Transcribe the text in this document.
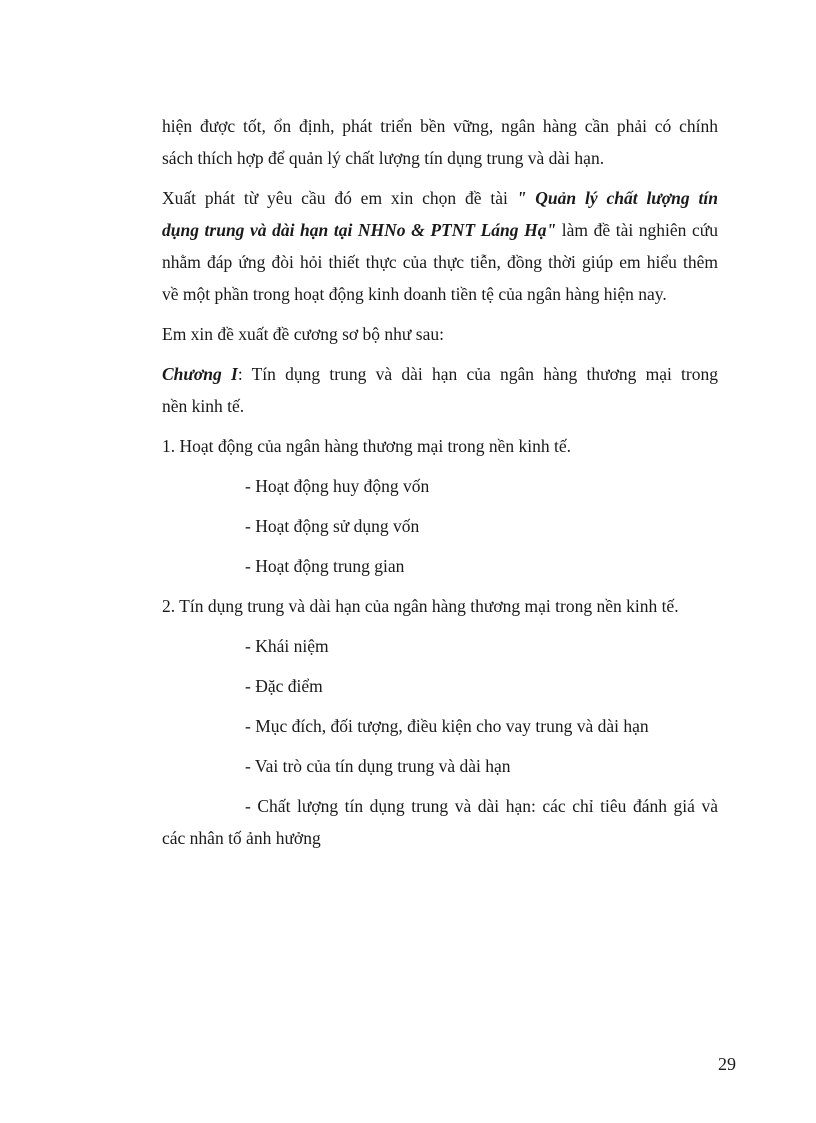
hiện được tốt, ổn định, phát triển bền vững, ngân hàng cần phải có chính
sách thích hợp để quản lý chất lượng tín dụng trung và dài hạn.
Xuất phát từ yêu cầu đó em xin chọn đề tài " Quản lý chất lượng tín
dụng trung và dài hạn tại NHNo & PTNT Láng Hạ" làm đề tài nghiên cứu
nhằm đáp ứng đòi hỏi thiết thực của thực tiễn, đồng thời giúp em hiểu thêm
về một phần trong hoạt động kinh doanh tiền tệ của ngân hàng hiện nay.
Em xin đề xuất đề cương sơ bộ như sau:
Chương I: Tín dụng trung và dài hạn của ngân hàng thương mại trong
nền kinh tế.
1. Hoạt động của ngân hàng thương mại trong nền kinh tế.
- Hoạt động huy động vốn
- Hoạt động sử dụng vốn
- Hoạt động trung gian
2. Tín dụng trung và dài hạn của ngân hàng thương mại trong nền kinh tế.
- Khái niệm
- Đặc điểm
- Mục đích, đối tượng, điều kiện cho vay trung và dài hạn
- Vai trò của tín dụng trung và dài hạn
- Chất lượng tín dụng trung và dài hạn: các chỉ tiêu đánh giá và
các nhân tố ảnh hưởng
29
